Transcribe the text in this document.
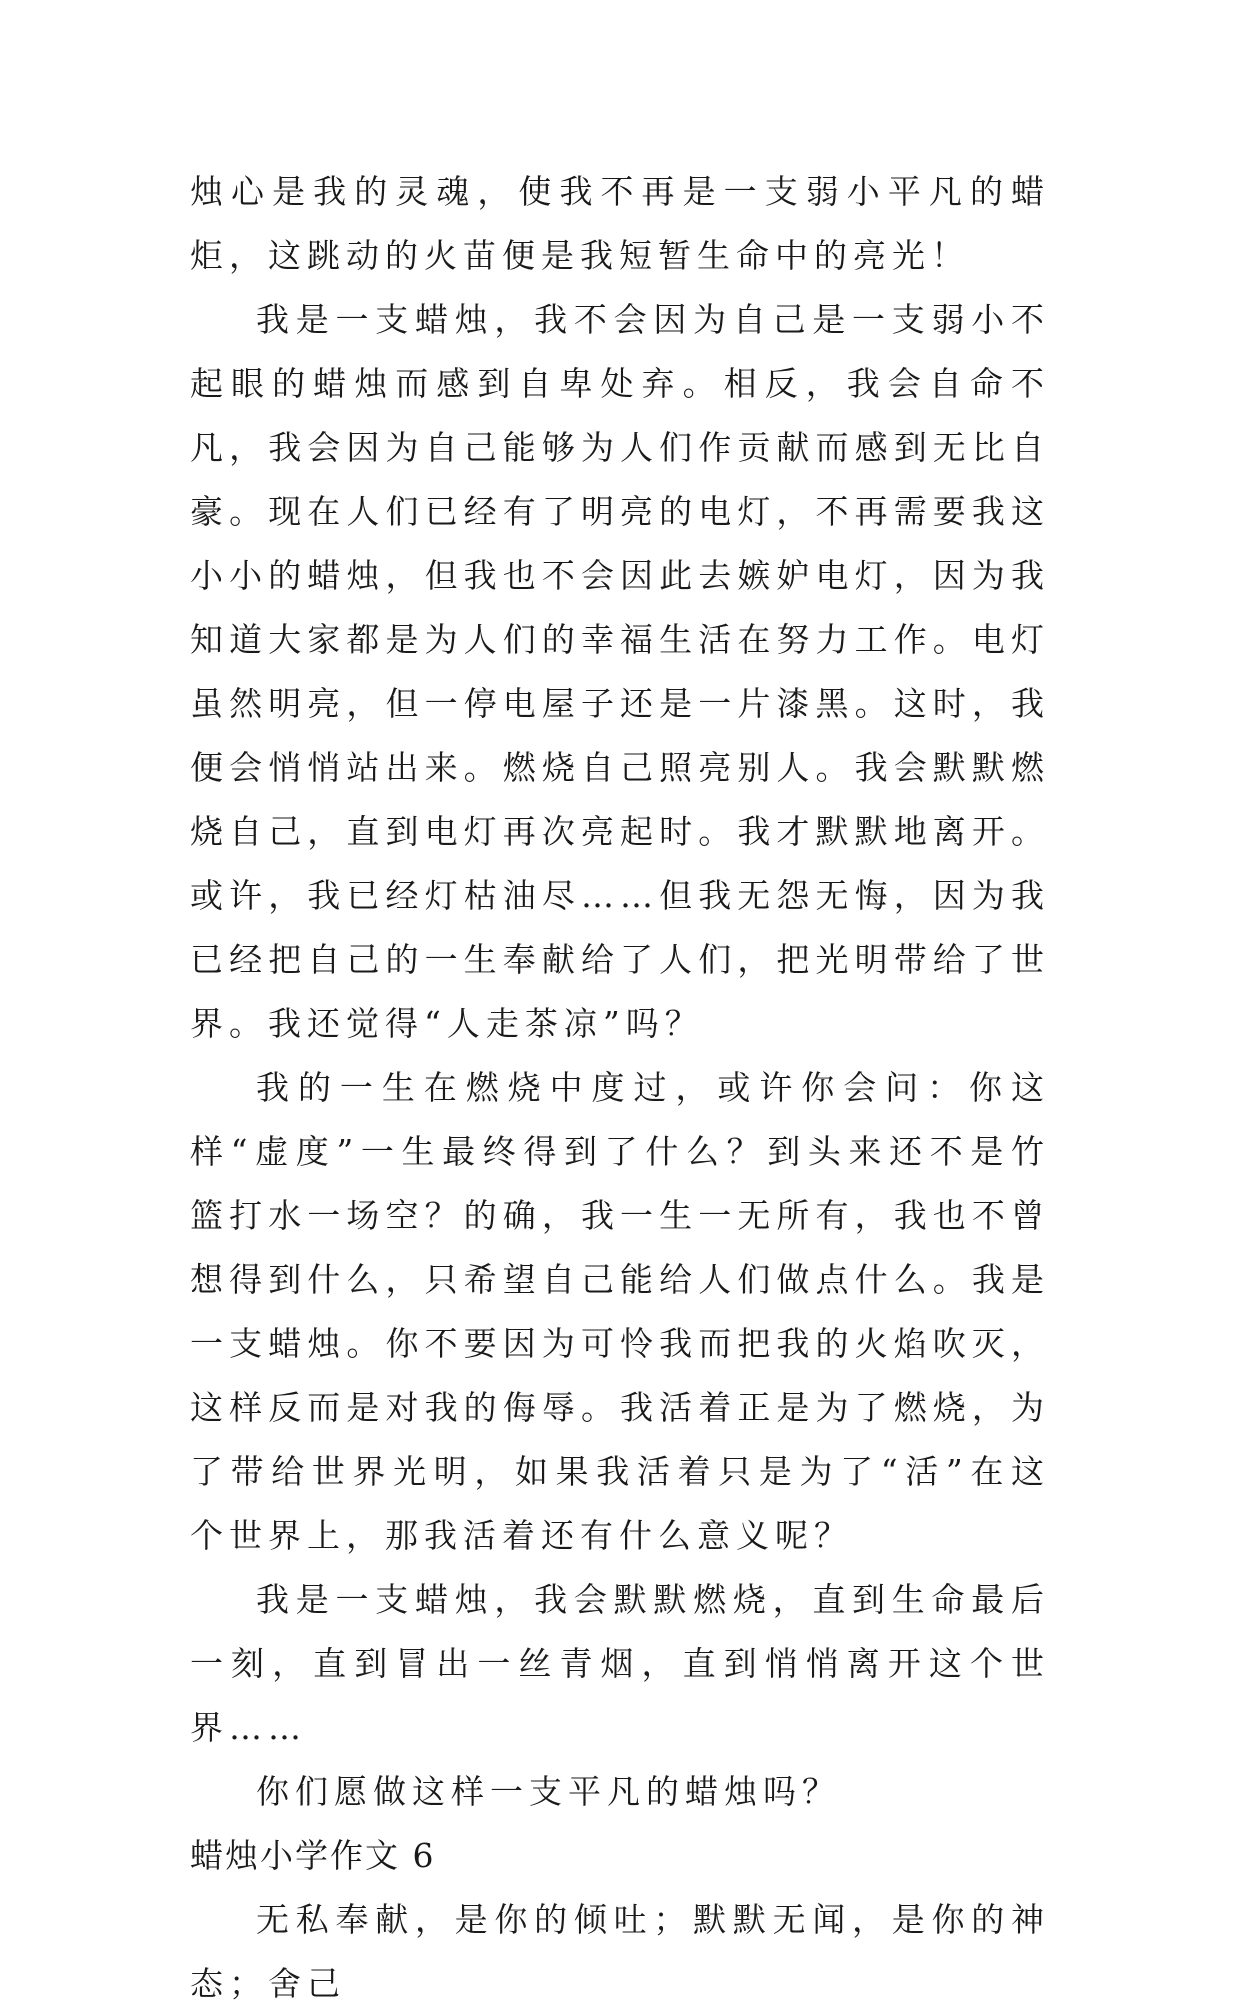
烛心是我的灵魂，使我不再是一支弱小平凡的蜡炬，这跳动的火苗便是我短暂生命中的亮光！

我是一支蜡烛，我不会因为自己是一支弱小不起眼的蜡烛而感到自卑处弃。相反，我会自命不凡，我会因为自己能够为人们作贡献而感到无比自豪。现在人们已经有了明亮的电灯，不再需要我这小小的蜡烛，但我也不会因此去嫉妒电灯，因为我知道大家都是为人们的幸福生活在努力工作。电灯虽然明亮，但一停电屋子还是一片漆黑。这时，我便会悄悄站出来。燃烧自己照亮别人。我会默默燃烧自己，直到电灯再次亮起时。我才默默地离开。或许，我已经灯枯油尽……但我无怨无悔，因为我已经把自己的一生奉献给了人们，把光明带给了世界。我还觉得“人走茶凉”吗？

我的一生在燃烧中度过，或许你会问：你这样“虚度”一生最终得到了什么？到头来还不是竹篮打水一场空？的确，我一生一无所有，我也不曾想得到什么，只希望自己能给人们做点什么。我是一支蜡烛。你不要因为可怜我而把我的火焰吹灭，这样反而是对我的侮辱。我活着正是为了燃烧，为了带给世界光明，如果我活着只是为了“活”在这个世界上，那我活着还有什么意义呢？

我是一支蜡烛，我会默默燃烧，直到生命最后一刻，直到冒出一丝青烟，直到悄悄离开这个世界……

你们愿做这样一支平凡的蜡烛吗？

蜡烛小学作文 6

无私奉献，是你的倾吐；默默无闻，是你的神态；舍己
